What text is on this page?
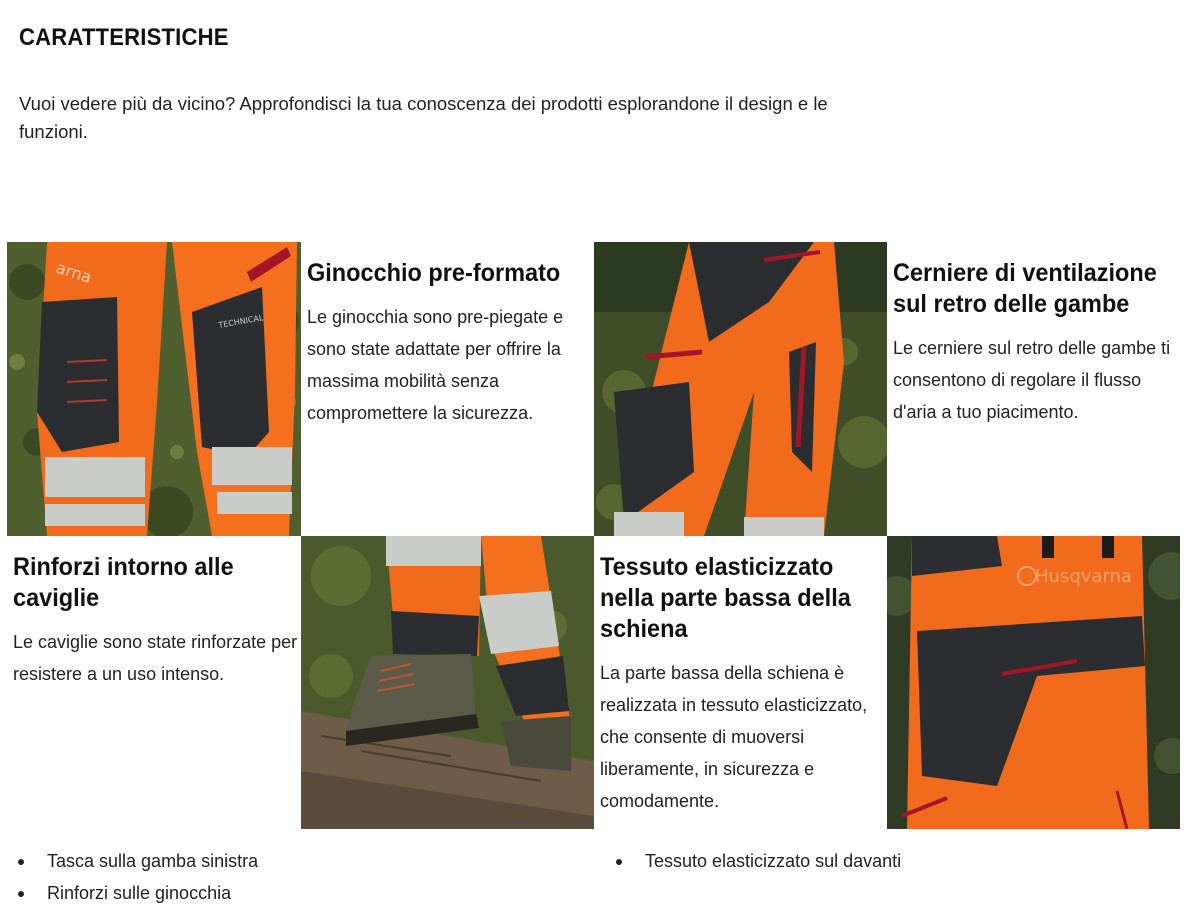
CARATTERISTICHE

Vuoi vedere più da vicino? Approfondisci la tua conoscenza dei prodotti esplorandone il design e le funzioni.

arna
TECHNICAL
Ginocchio pre-formato

Le ginocchia sono pre-piegate e sono state adattate per offrire la massima mobilità senza compromettere la sicurezza.

Cerniere di ventilazione sul retro delle gambe

Le cerniere sul retro delle gambe ti consentono di regolare il flusso d'aria a tuo piacimento.

Rinforzi intorno alle caviglie

Le caviglie sono state rinforzate per resistere a un uso intenso.

Tessuto elasticizzato nella parte bassa della schiena

La parte bassa della schiena è realizzata in tessuto elasticizzato, che consente di muoversi liberamente, in sicurezza e comodamente.

Husqvarna
Tasca sulla gamba sinistra
Rinforzi sulle ginocchia
Tessuto elasticizzato sul davanti
